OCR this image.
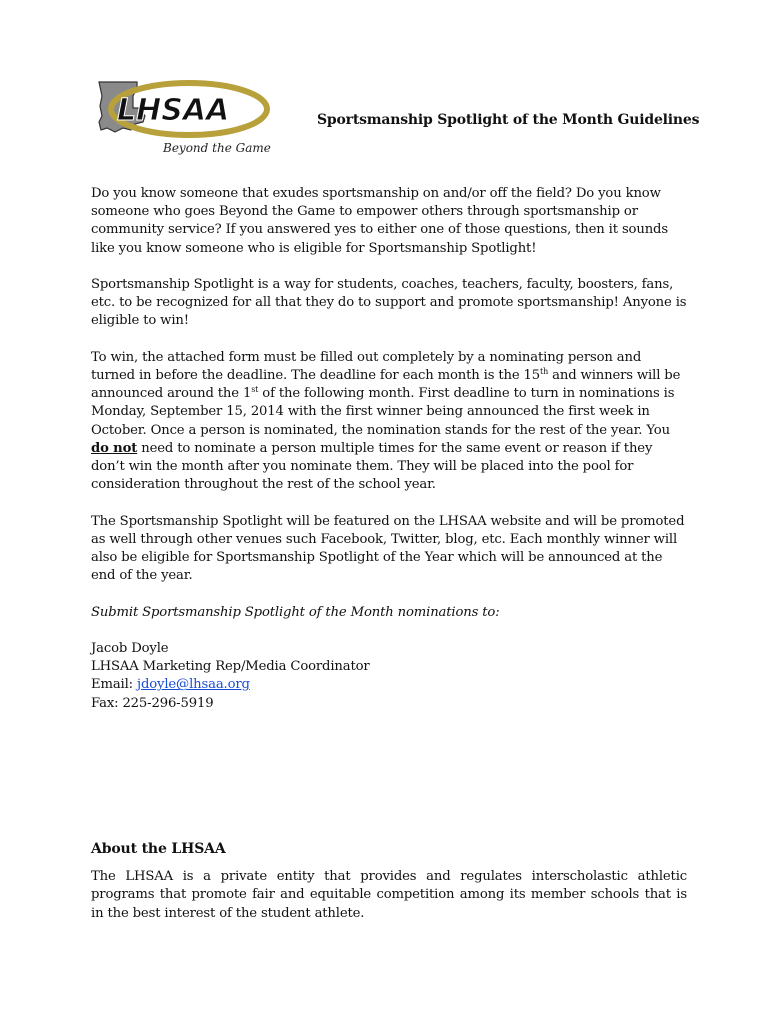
LHSAA
Beyond the Game
Sportsmanship Spotlight of the Month Guidelines

Do you know someone that exudes sportsmanship on and/or off the field? Do you know someone who goes Beyond the Game to empower others through sportsmanship or community service? If you answered yes to either one of those questions, then it sounds like you know someone who is eligible for Sportsmanship Spotlight!

Sportsmanship Spotlight is a way for students, coaches, teachers, faculty, boosters, fans, etc. to be recognized for all that they do to support and promote sportsmanship! Anyone is eligible to win!

To win, the attached form must be filled out completely by a nominating person and turned in before the deadline. The deadline for each month is the 15th and winners will be announced around the 1st of the following month. First deadline to turn in nominations is Monday, September 15, 2014 with the first winner being announced the first week in October. Once a person is nominated, the nomination stands for the rest of the year. You do not need to nominate a person multiple times for the same event or reason if they don’t win the month after you nominate them. They will be placed into the pool for consideration throughout the rest of the school year.

The Sportsmanship Spotlight will be featured on the LHSAA website and will be promoted as well through other venues such Facebook, Twitter, blog, etc. Each monthly winner will also be eligible for Sportsmanship Spotlight of the Year which will be announced at the end of the year.

Submit Sportsmanship Spotlight of the Month nominations to:

Jacob Doyle

LHSAA Marketing Rep/Media Coordinator

Email: jdoyle@lhsaa.org

Fax: 225-296-5919

About the LHSAA

The LHSAA is a private entity that provides and regulates interscholastic athletic programs that promote fair and equitable competition among its member schools that is in the best interest of the student athlete.
